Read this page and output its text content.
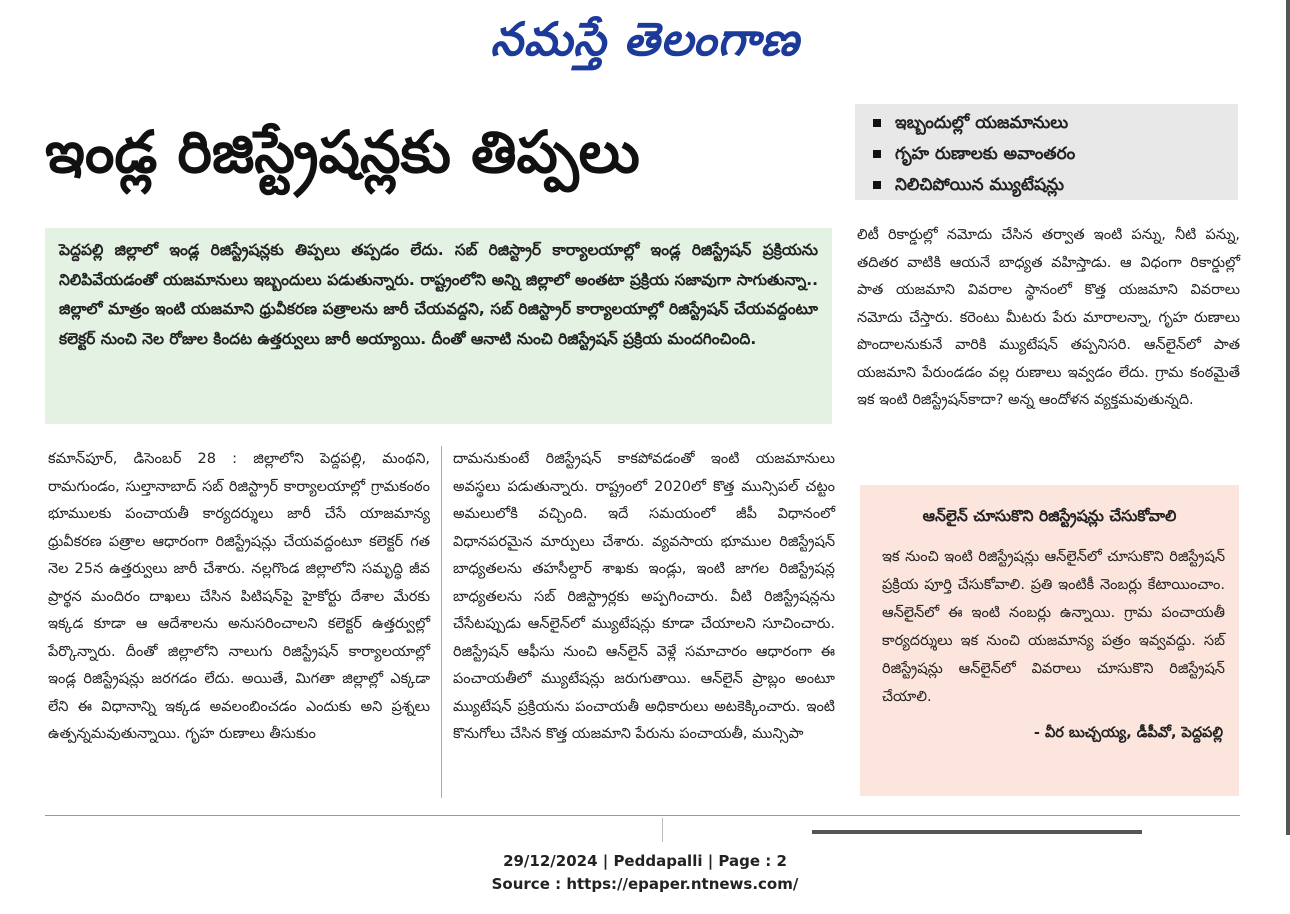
నమస్తే తెలంగాణ
ఇండ్ల రిజిస్ట్రేషన్లకు తిప్పలు	ఇబ్బందుల్లో యజమానులు
గృహ రుణాలకు అవాంతరం
నిలిచిపోయిన మ్యుటేషన్లు

పెద్దపల్లి జిల్లాలో ఇండ్ల రిజిస్ట్రేషన్లకు తిప్పలు తప్పడం లేదు. సబ్ రిజిస్ట్రార్ కార్యాలయాల్లో ఇండ్ల రిజిస్ట్రేషన్ ప్రక్రియను నిలిపివేయడంతో యజమానులు ఇబ్బందులు పడుతున్నారు. రాష్ట్రంలోని అన్ని జిల్లాలో అంతటా ప్రక్రియ సజావుగా సాగుతున్నా.. జిల్లాలో మాత్రం ఇంటి యజమాని ధ్రువీకరణ పత్రాలను జారీ చేయవద్దని, సబ్ రిజిస్ట్రార్ కార్యాలయాల్లో రిజిస్ట్రేషన్ చేయవద్దంటూ కలెక్టర్ నుంచి నెల రోజుల కిందట ఉత్తర్వులు జారీ అయ్యాయి. దీంతో ఆనాటి నుంచి రిజిస్ట్రేషన్ ప్రక్రియ మందగించింది.

కమాన్‌పూర్, డిసెంబర్ 28 : జిల్లాలోని పెద్దపల్లి, మంథని, రామగుండం, సుల్తానాబాద్ సబ్ రిజిస్ట్రార్ కార్యాలయాల్లో గ్రామకంఠం భూములకు పంచాయతీ కార్యదర్శులు జారీ చేసే యాజమాన్య ధ్రువీకరణ పత్రాల ఆధారంగా రిజిస్ట్రేషన్లు చేయవద్దంటూ కలెక్టర్ గత నెల 25న ఉత్తర్వులు జారీ చేశారు. నల్లగొండ జిల్లాలోని సమృద్ధి జీవ ప్రార్థన మందిరం దాఖలు చేసిన పిటిషన్‌పై హైకోర్టు దేశాల మేరకు ఇక్కడ కూడా ఆ ఆదేశాలను అనుసరించాలని కలెక్టర్ ఉత్తర్వుల్లో పేర్కొన్నారు. దీంతో జిల్లాలోని నాలుగు రిజిస్ట్రేషన్ కార్యాలయాల్లో ఇండ్ల రిజిస్ట్రేషన్లు జరగడం లేదు. అయితే, మిగతా జిల్లాల్లో ఎక్కడా లేని ఈ విధానాన్ని ఇక్కడ అవలంబించడం ఎందుకు అని ప్రశ్నలు ఉత్పన్నమవుతున్నాయి. గృహ రుణాలు తీసుకుం

దామనుకుంటే రిజిస్ట్రేషన్ కాకపోవడంతో ఇంటి యజమానులు అవస్థలు పడుతున్నారు. రాష్ట్రంలో 2020లో కొత్త మున్సిపల్ చట్టం అమలులోకి వచ్చింది. ఇదే సమయంలో జీపీ విధానంలో విధానపరమైన మార్పులు చేశారు. వ్యవసాయ భూముల రిజిస్ట్రేషన్ బాధ్యతలను తహసీల్దార్ శాఖకు ఇండ్లు, ఇంటి జాగల రిజిస్ట్రేషన్ల బాధ్యతలను సబ్ రిజిస్ట్రార్లకు అప్పగించారు. వీటి రిజిస్ట్రేషన్లను చేసేటప్పుడు ఆన్‌లైన్‌లో మ్యుటేషన్లు కూడా చేయాలని సూచించారు. రిజిస్ట్రేషన్ ఆఫీసు నుంచి ఆన్‌లైన్ వెళ్లే సమాచారం ఆధారంగా ఈ పంచాయతీలో మ్యుటేషన్లు జరుగుతాయి. ఆన్‌లైన్ ప్రాబ్లం అంటూ మ్యుటేషన్ ప్రక్రియను పంచాయతీ అధికారులు అటకెక్కించారు. ఇంటి కొనుగోలు చేసిన కొత్త యజమాని పేరును పంచాయతీ, మున్సిపా

లిటీ రికార్డుల్లో నమోదు చేసిన తర్వాత ఇంటి పన్ను, నీటి పన్ను, తదితర వాటికి ఆయనే బాధ్యత వహిస్తాడు. ఆ విధంగా రికార్డుల్లో పాత యజమాని వివరాల స్థానంలో కొత్త యజమాని వివరాలు నమోదు చేస్తారు. కరెంటు మీటరు పేరు మారాలన్నా, గృహ రుణాలు పొందాలనుకునే వారికి మ్యుటేషన్ తప్పనిసరి. ఆన్‌లైన్‌లో పాత యజమాని పేరుండడం వల్ల రుణాలు ఇవ్వడం లేదు. గ్రామ కంఠమైతే ఇక ఇంటి రిజిస్ట్రేషన్‌కాదా? అన్న ఆందోళన వ్యక్తమవుతున్నది.

ఆన్‌లైన్ చూసుకొని రిజిస్ట్రేషన్లు చేసుకోవాలి
ఇక నుంచి ఇంటి రిజిస్ట్రేషన్లు ఆన్‌లైన్‌లో చూసుకొని రిజిస్ట్రేషన్ ప్రక్రియ పూర్తి చేసుకోవాలి. ప్రతి ఇంటికీ నెంబర్లు కేటాయించాం. ఆన్‌లైన్‌లో ఈ ఇంటి నంబర్లు ఉన్నాయి. గ్రామ పంచాయతీ కార్యదర్శులు ఇక నుంచి యజమాన్య పత్రం ఇవ్వవద్దు. సబ్ రిజిస్ట్రేషన్లు ఆన్‌లైన్‌లో వివరాలు చూసుకొని రిజిస్ట్రేషన్ చేయాలి.
- వీర బుచ్చయ్య, డీపీవో, పెద్దపల్లి
29/12/2024 | Peddapalli | Page : 2
Source : https://epaper.ntnews.com/
